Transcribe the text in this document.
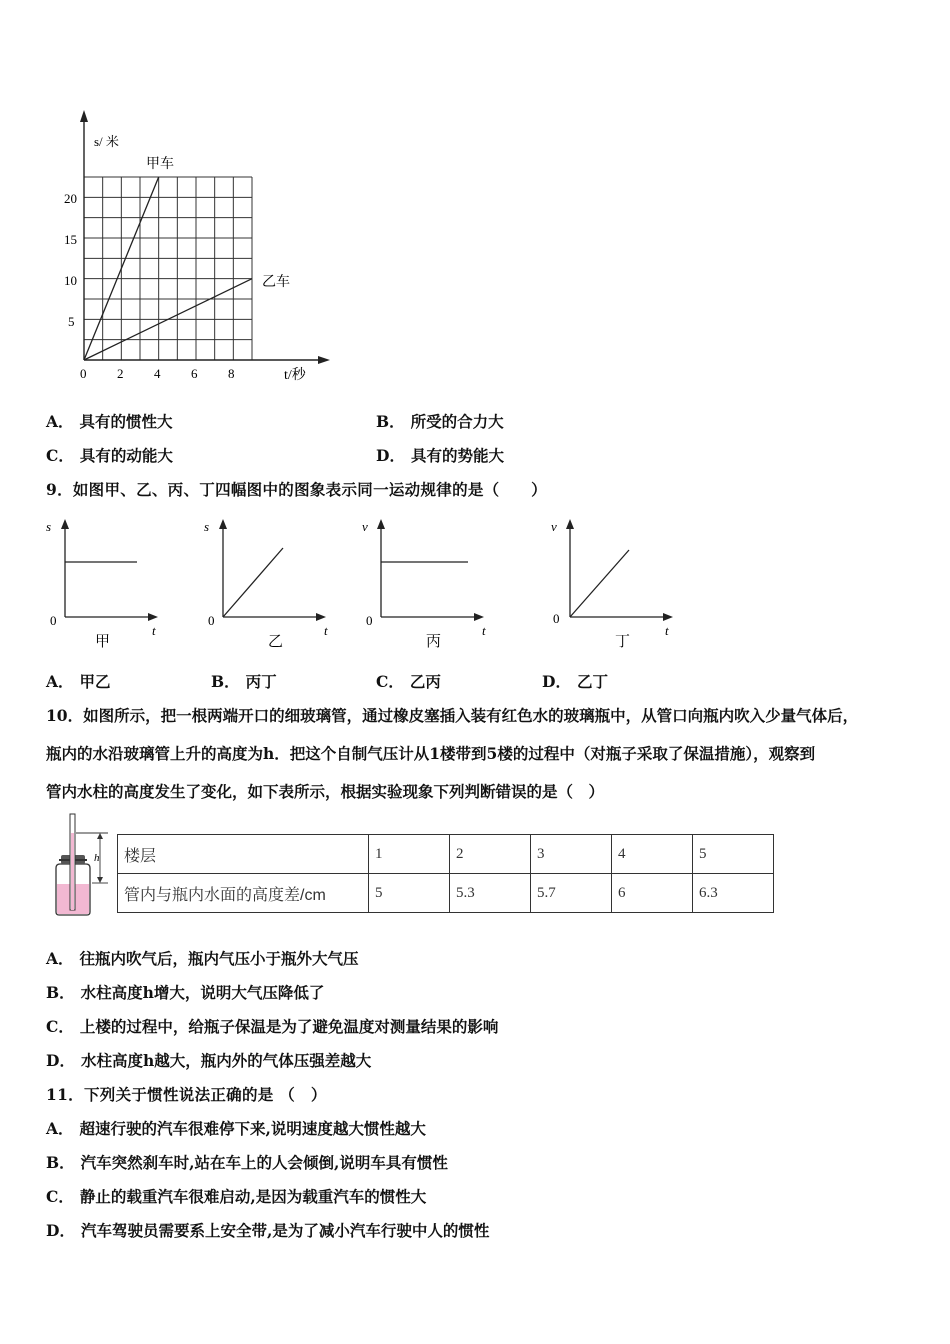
s/ 米
t/秒
0 2 4 6 8
5
10
15
20
甲车
乙车
A． 具有的惯性大	B． 所受的合力大
C． 具有的动能大	D． 具有的势能大
9．如图甲、乙、丙、丁四幅图中的图象表示同一运动规律的是（　　）
s
t
0
甲
s
t
0
乙
v
t
0
丙
v
t
0
丁
A． 甲乙	B． 丙丁	C． 乙丙	D． 乙丁
10．如图所示，把一根两端开口的细玻璃管，通过橡皮塞插入装有红色水的玻璃瓶中，从管口向瓶内吹入少量气体后，
瓶内的水沿玻璃管上升的高度为h．把这个自制气压计从1楼带到5楼的过程中（对瓶子采取了保温措施），观察到
管内水柱的高度发生了变化，如下表所示，根据实验现象下列判断错误的是（　）
h 楼层	1	2	3	4	5
管内与瓶内水面的高度差/cm	5	5.3	5.7	6	6.3
A． 往瓶内吹气后，瓶内气压小于瓶外大气压
B． 水柱高度h增大，说明大气压降低了
C． 上楼的过程中，给瓶子保温是为了避免温度对测量结果的影响
D． 水柱高度h越大，瓶内外的气体压强差越大
11．下列关于惯性说法正确的是 （　）
A． 超速行驶的汽车很难停下来,说明速度越大惯性越大
B． 汽车突然刹车时,站在车上的人会倾倒,说明车具有惯性
C． 静止的载重汽车很难启动,是因为载重汽车的惯性大
D． 汽车驾驶员需要系上安全带,是为了减小汽车行驶中人的惯性
